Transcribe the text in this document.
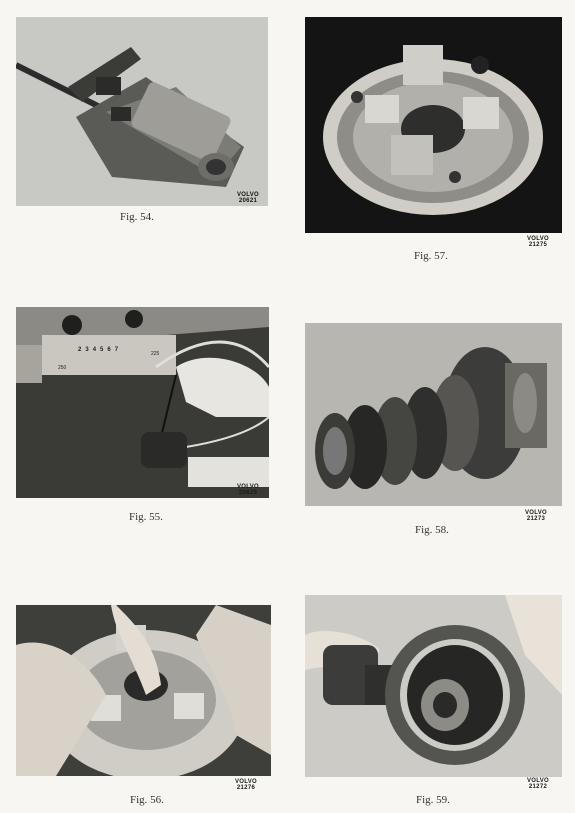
VOLVO
20621
Fig. 54.
VOLVO
21275
Fig. 57.
234567
250
225
VOLVO
20625
Fig. 55.	VOLVO
21273
Fig. 58.
VOLVO
21276
Fig. 56.
VOLVO
21272
Fig. 59.
